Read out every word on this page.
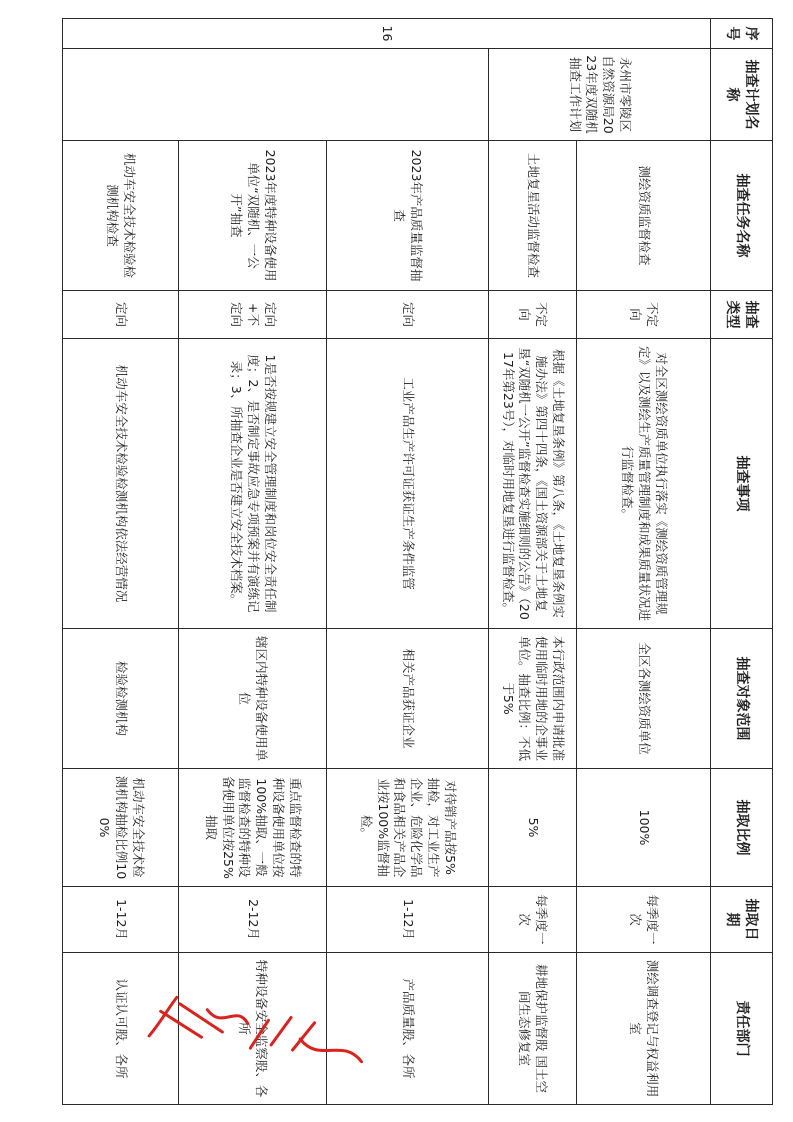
序号	抽查计划名称	抽查任务名称	抽查类型	抽查事项	抽查对象范围	抽取比例	抽取日期	责任部门
16	永州市零陵区自然资源局2023年度双随机抽查工作计划	测绘资质监督检查	不定向	对全区测绘资质单位执行落实《测绘资质管理规定》以及测绘生产质量管理制度和成果质量状况进行监督检查。	全区各测绘资质单位	100%	每季度一次	测绘调查登记与权益利用室
		土地复星活动监督检查	不定向	根据《土地复垦条例》第八条，《土地复垦条例实施办法》第四十四条，《国土资源部关于土地复垦“双随机一公开”监督检查实施细则的公告》（2017年第23号），对临时用地复垦进行监督检查。	本行政范围内申请批准使用临时用地的企事业单位。抽查比例：不低于5%	5%	每季度一次	耕地保护监督股 国土空间生态修复室
		2023年产品质量监督抽查	定向	工业产品生产许可证获证生产条件监管	相关产品获证企业	对待销产品按5%抽检，对工业生产企业、危险化学品和食品相关产品企业按100%监督抽检。	1-12月	产品质量股、各所
		2023年度特种设备使用单位“双随机、一公开”抽查	定向+不定向	1是否按规建立安全管理制度和岗位安全责任制度；2、是否制定事故应急专项预案并有演练记录；3、所抽查企业是否建立安全技术档案。	辖区内特种设备使用单位	重点监督检查的特种设备使用单位按100%抽取、一般监督检查的特种设备使用单位按25%抽取	2-12月	特种设备安全监察股、各所
		机动车安全技术检验检测机构检查	定向	机动车安全技术检验检测机构依法经营情况	检验检测机构	机动车安全技术检测机构抽检比例100%	1-12月	认证认可股、各所
